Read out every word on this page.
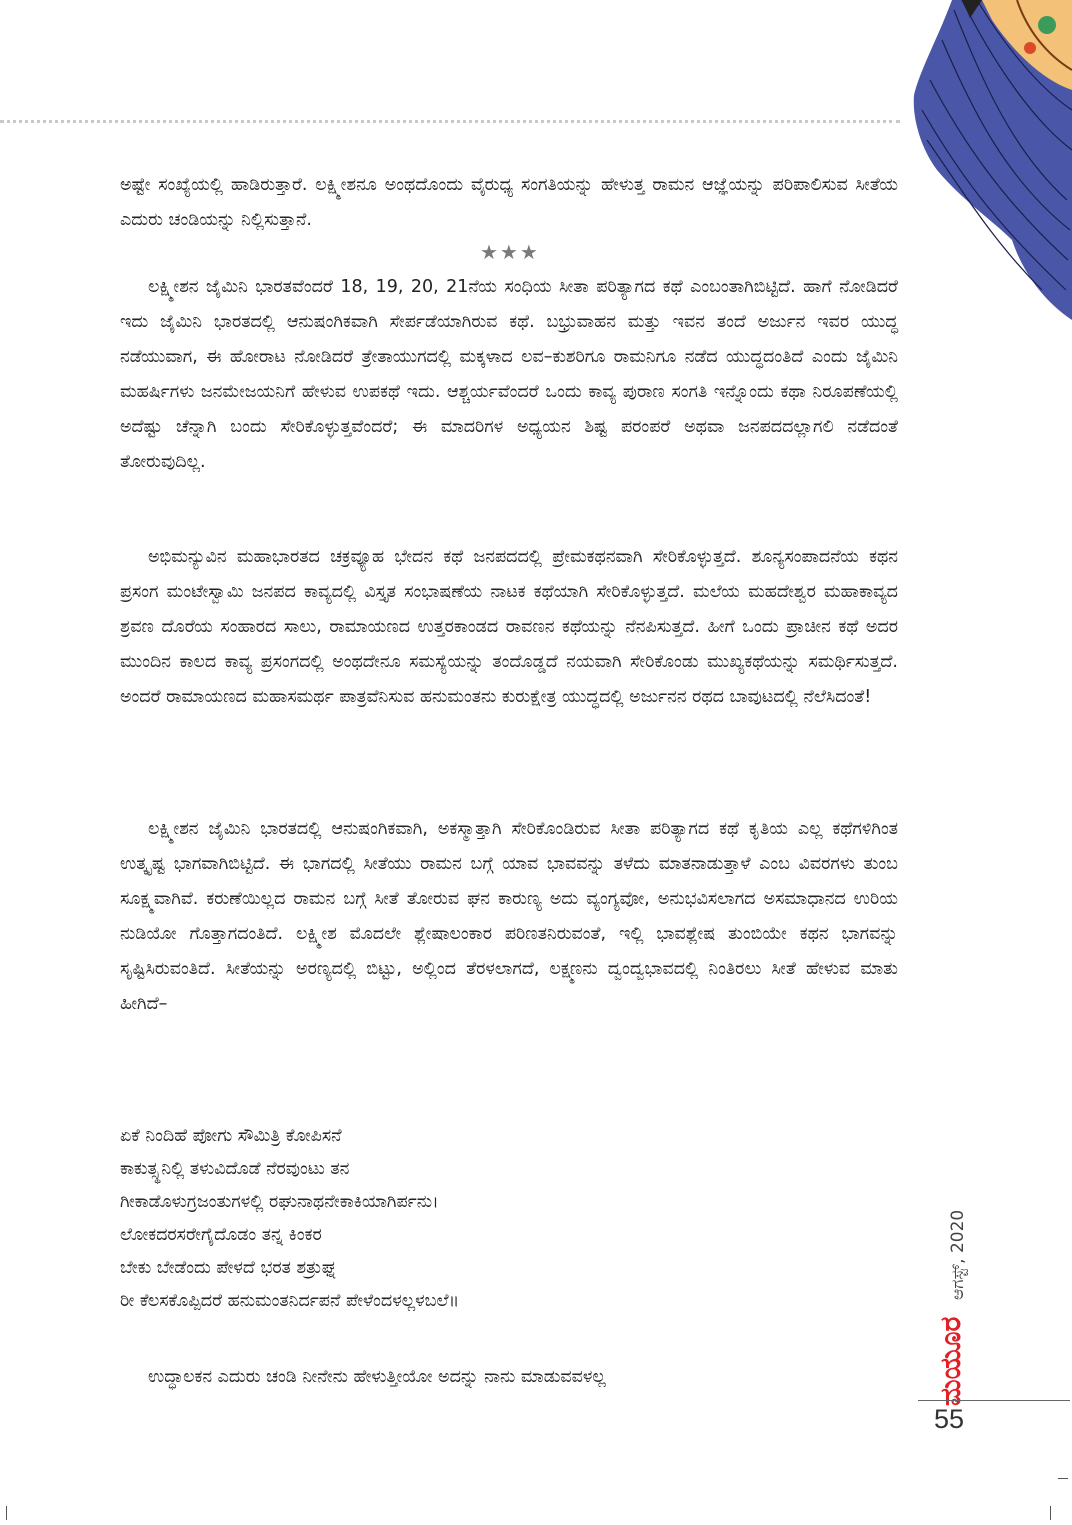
ಅಷ್ಟೇ ಸಂಖ್ಯೆಯಲ್ಲಿ ಹಾಡಿರುತ್ತಾರೆ. ಲಕ್ಷ್ಮೀಶನೂ ಅಂಥದೊಂದು ವೈರುಧ್ಯ ಸಂಗತಿಯನ್ನು ಹೇಳುತ್ತ ರಾಮನ ಆಜ್ಞೆಯನ್ನು ಪರಿಪಾಲಿಸುವ ಸೀತೆಯ ಎದುರು ಚಂಡಿಯನ್ನು ನಿಲ್ಲಿಸುತ್ತಾನೆ.

★★★

ಲಕ್ಷ್ಮೀಶನ ಜೈಮಿನಿ ಭಾರತವೆಂದರೆ 18, 19, 20, 21ನೆಯ ಸಂಧಿಯ ಸೀತಾ ಪರಿತ್ಯಾಗದ ಕಥೆ ಎಂಬಂತಾಗಿಬಿಟ್ಟಿದೆ. ಹಾಗೆ ನೋಡಿದರೆ ಇದು ಜೈಮಿನಿ ಭಾರತದಲ್ಲಿ ಆನುಷಂಗಿಕವಾಗಿ ಸೇರ್ಪಡೆಯಾಗಿರುವ ಕಥೆ. ಬಭ್ರುವಾಹನ ಮತ್ತು ಇವನ ತಂದೆ ಅರ್ಜುನ ಇವರ ಯುದ್ಧ ನಡೆಯುವಾಗ, ಈ ಹೋರಾಟ ನೋಡಿದರೆ ತ್ರೇತಾಯುಗದಲ್ಲಿ ಮಕ್ಕಳಾದ ಲವ–ಕುಶರಿಗೂ ರಾಮನಿಗೂ ನಡೆದ ಯುದ್ಧದಂತಿದೆ ಎಂದು ಜೈಮಿನಿ ಮಹರ್ಷಿಗಳು ಜನಮೇಜಯನಿಗೆ ಹೇಳುವ ಉಪಕಥೆ ಇದು. ಆಶ್ಚರ್ಯವೆಂದರೆ ಒಂದು ಕಾವ್ಯ ಪುರಾಣ ಸಂಗತಿ ಇನ್ನೊಂದು ಕಥಾ ನಿರೂಪಣೆಯಲ್ಲಿ ಅದೆಷ್ಟು ಚೆನ್ನಾಗಿ ಬಂದು ಸೇರಿಕೊಳ್ಳುತ್ತವೆಂದರೆ; ಈ ಮಾದರಿಗಳ ಅಧ್ಯಯನ ಶಿಷ್ಟ ಪರಂಪರೆ ಅಥವಾ ಜನಪದದಲ್ಲಾಗಲಿ ನಡೆದಂತೆ ತೋರುವುದಿಲ್ಲ.

ಅಭಿಮನ್ಯುವಿನ ಮಹಾಭಾರತದ ಚಕ್ರವ್ಯೂಹ ಭೇದನ ಕಥೆ ಜನಪದದಲ್ಲಿ ಪ್ರೇಮಕಥನವಾಗಿ ಸೇರಿಕೊಳ್ಳುತ್ತದೆ. ಶೂನ್ಯಸಂಪಾದನೆಯ ಕಥನ ಪ್ರಸಂಗ ಮಂಟೇಸ್ವಾಮಿ ಜನಪದ ಕಾವ್ಯದಲ್ಲಿ ವಿಸ್ತೃತ ಸಂಭಾಷಣೆಯ ನಾಟಕ ಕಥೆಯಾಗಿ ಸೇರಿಕೊಳ್ಳುತ್ತದೆ. ಮಲೆಯ ಮಹದೇಶ್ವರ ಮಹಾಕಾವ್ಯದ ಶ್ರವಣ ದೊರೆಯ ಸಂಹಾರದ ಸಾಲು, ರಾಮಾಯಣದ ಉತ್ತರಕಾಂಡದ ರಾವಣನ ಕಥೆಯನ್ನು ನೆನಪಿಸುತ್ತದೆ. ಹೀಗೆ ಒಂದು ಪ್ರಾಚೀನ ಕಥೆ ಅದರ ಮುಂದಿನ ಕಾಲದ ಕಾವ್ಯ ಪ್ರಸಂಗದಲ್ಲಿ ಅಂಥದೇನೂ ಸಮಸ್ಯೆಯನ್ನು ತಂದೊಡ್ಡದೆ ನಯವಾಗಿ ಸೇರಿಕೊಂಡು ಮುಖ್ಯಕಥೆಯನ್ನು ಸಮರ್ಥಿಸುತ್ತದೆ. ಅಂದರೆ ರಾಮಾಯಣದ ಮಹಾಸಮರ್ಥ ಪಾತ್ರವೆನಿಸುವ ಹನುಮಂತನು ಕುರುಕ್ಷೇತ್ರ ಯುದ್ಧದಲ್ಲಿ ಅರ್ಜುನನ ರಥದ ಬಾವುಟದಲ್ಲಿ ನೆಲೆಸಿದಂತೆ!

ಲಕ್ಷ್ಮೀಶನ ಜೈಮಿನಿ ಭಾರತದಲ್ಲಿ ಆನುಷಂಗಿಕವಾಗಿ, ಅಕಸ್ಮಾತ್ತಾಗಿ ಸೇರಿಕೊಂಡಿರುವ ಸೀತಾ ಪರಿತ್ಯಾಗದ ಕಥೆ ಕೃತಿಯ ಎಲ್ಲ ಕಥೆಗಳಿಗಿಂತ ಉತ್ಕೃಷ್ಟ ಭಾಗವಾಗಿಬಿಟ್ಟಿದೆ. ಈ ಭಾಗದಲ್ಲಿ ಸೀತೆಯು ರಾಮನ ಬಗ್ಗೆ ಯಾವ ಭಾವವನ್ನು ತಳೆದು ಮಾತನಾಡುತ್ತಾಳೆ ಎಂಬ ವಿವರಗಳು ತುಂಬ ಸೂಕ್ಷ್ಮವಾಗಿವೆ. ಕರುಣೆಯಿಲ್ಲದ ರಾಮನ ಬಗ್ಗೆ ಸೀತೆ ತೋರುವ ಘನ ಕಾರುಣ್ಯ ಅದು ವ್ಯಂಗ್ಯವೋ, ಅನುಭವಿಸಲಾಗದ ಅಸಮಾಧಾನದ ಉರಿಯ ನುಡಿಯೋ ಗೊತ್ತಾಗದಂತಿದೆ. ಲಕ್ಷ್ಮೀಶ ಮೊದಲೇ ಶ್ಲೇಷಾಲಂಕಾರ ಪರಿಣತನಿರುವಂತೆ, ಇಲ್ಲಿ ಭಾವಶ್ಲೇಷ ತುಂಬಿಯೇ ಕಥನ ಭಾಗವನ್ನು ಸೃಷ್ಟಿಸಿರುವಂತಿದೆ. ಸೀತೆಯನ್ನು ಅರಣ್ಯದಲ್ಲಿ ಬಿಟ್ಟು, ಅಲ್ಲಿಂದ ತೆರಳಲಾಗದೆ, ಲಕ್ಷ್ಮಣನು ದ್ವಂದ್ವಭಾವದಲ್ಲಿ ನಿಂತಿರಲು ಸೀತೆ ಹೇಳುವ ಮಾತು ಹೀಗಿದೆ–

ಏಕೆ ನಿಂದಿಹೆ ಪೋಗು ಸೌಮಿತ್ರಿ ಕೋಪಿಸನೆ
ಕಾಕುತ್ಸ್ಥನಿಲ್ಲಿ ತಳುವಿದೊಡೆ ನೆರವುಂಟು ತನ
ಗೀಕಾಡೊಳುಗ್ರಜಂತುಗಳಲ್ಲಿ ರಘುನಾಥನೇಕಾಕಿಯಾಗಿರ್ಪನು।
ಲೋಕದರಸರೇಗೈದೊಡಂ ತನ್ನ ಕಿಂಕರ
ಬೇಕು ಬೇಡೆಂದು ಪೇಳದೆ ಭರತ ಶತ್ರುಘ್ನ
ರೀ ಕೆಲಸಕೊಪ್ಪಿದರೆ ಹನುಮಂತನಿರ್ದಪನೆ ಪೇಳೆಂದಳಲ್ಲಳಬಲೆ॥

ಉದ್ಧಾಲಕನ ಎದುರು ಚಂಡಿ ನೀನೇನು ಹೇಳುತ್ತೀಯೋ ಅದನ್ನು ನಾನು ಮಾಡುವವಳಲ್ಲ

ಆಗಸ್ಟ್, 2020
ಮಯೂರ
55
